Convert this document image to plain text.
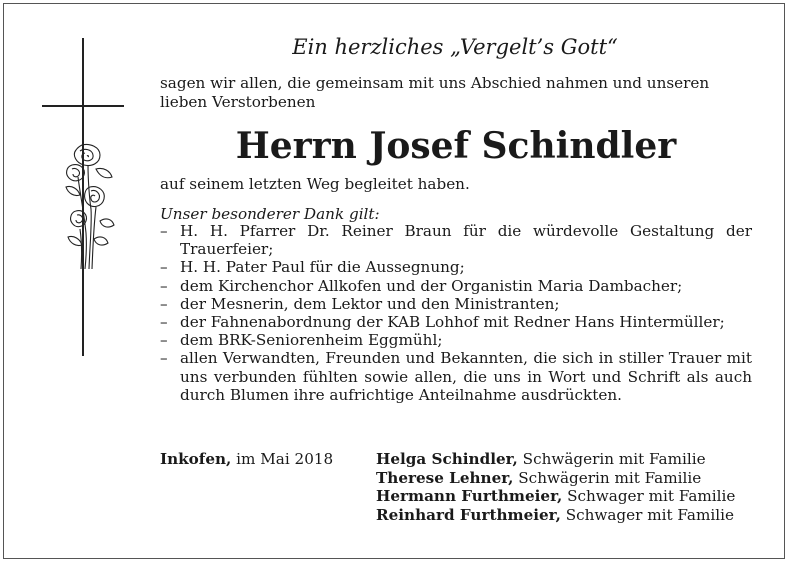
Ein herzliches „Vergelt’s Gott“
sagen wir allen, die gemeinsam mit uns Abschied nahmen und unseren lieben Verstorbenen
Herrn Josef Schindler
auf seinem letzten Weg begleitet haben.
Unser besonderer Dank gilt:
– H. H. Pfarrer Dr. Reiner Braun für die würdevolle Gestaltung der Trauerfeier;
– H. H. Pater Paul für die Aussegnung;
– dem Kirchenchor Allkofen und der Organistin Maria Dambacher;
– der Mesnerin, dem Lektor und den Ministranten;
– der Fahnenabordnung der KAB Lohhof mit Redner Hans Hintermüller;
– dem BRK-Seniorenheim Eggmühl;
– allen Verwandten, Freunden und Bekannten, die sich in stiller Trauer mit uns verbunden fühlten sowie allen, die uns in Wort und Schrift als auch durch Blumen ihre aufrichtige Anteilnahme ausdrückten.
Inkofen, im Mai 2018	Helga Schindler, Schwägerin mit Familie
Therese Lehner, Schwägerin mit Familie
Hermann Furthmeier, Schwager mit Familie
Reinhard Furthmeier, Schwager mit Familie
